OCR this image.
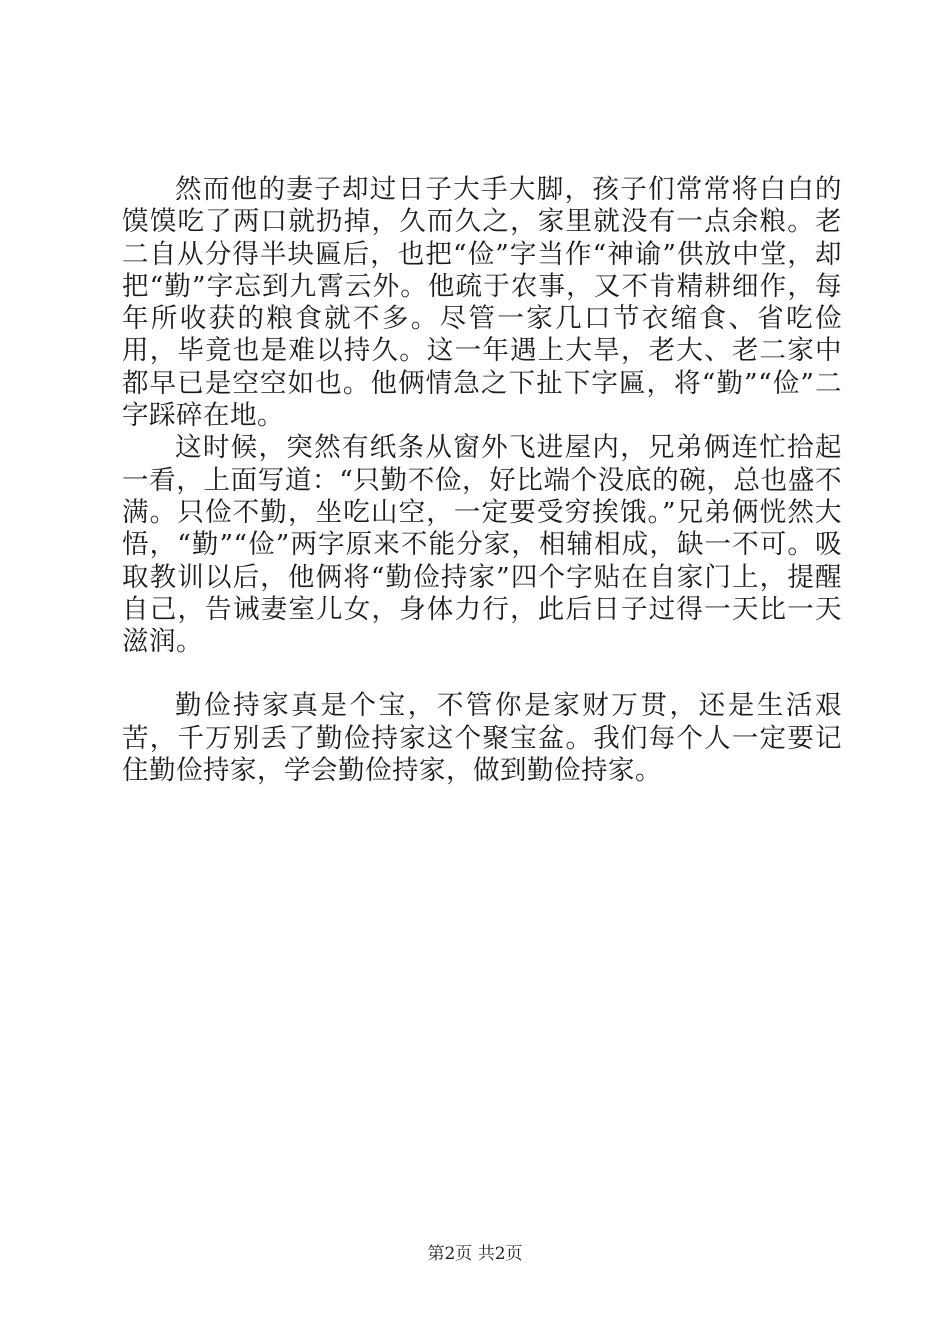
然而他的妻子却过日子大手大脚，孩子们常常将白白的馍馍吃了两口就扔掉，久而久之，家里就没有一点余粮。老二自从分得半块匾后，也把“俭”字当作“神谕”供放中堂，却把“勤”字忘到九霄云外。他疏于农事，又不肯精耕细作，每年所收获的粮食就不多。尽管一家几口节衣缩食、省吃俭用，毕竟也是难以持久。这一年遇上大旱，老大、老二家中都早已是空空如也。他俩情急之下扯下字匾，将“勤”“俭”二字踩碎在地。

这时候，突然有纸条从窗外飞进屋内，兄弟俩连忙拾起一看，上面写道：“只勤不俭，好比端个没底的碗，总也盛不满。只俭不勤，坐吃山空，一定要受穷挨饿。”兄弟俩恍然大悟，“勤”“俭”两字原来不能分家，相辅相成，缺一不可。吸取教训以后，他俩将“勤俭持家”四个字贴在自家门上，提醒自己，告诫妻室儿女，身体力行，此后日子过得一天比一天滋润。

勤俭持家真是个宝，不管你是家财万贯，还是生活艰苦，千万别丢了勤俭持家这个聚宝盆。我们每个人一定要记住勤俭持家，学会勤俭持家，做到勤俭持家。

第2页 共2页
